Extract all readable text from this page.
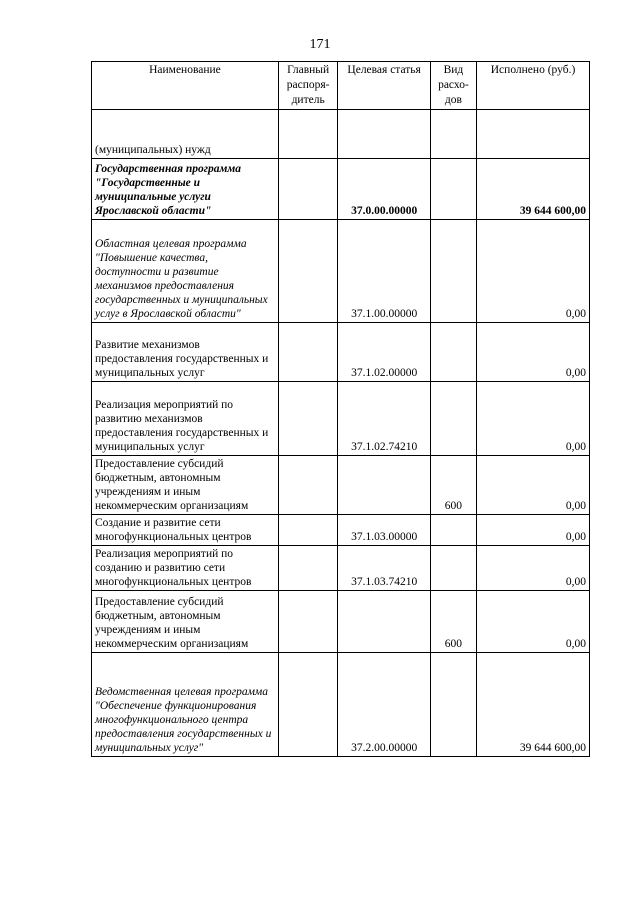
171
Наименование	Главный распоря-дитель	Целевая статья	Вид расхо-дов	Исполнено (руб.)
(муниципальных) нужд				
Государственная программа "Государственные и муниципальные услуги Ярославской области"		37.0.00.00000		39 644 600,00
Областная целевая программа "Повышение качества, доступности и развитие механизмов предоставления государственных и муниципальных услуг в Ярославской области"		37.1.00.00000		0,00
Развитие механизмов предоставления государственных и муниципальных услуг		37.1.02.00000		0,00
Реализация мероприятий по развитию механизмов предоставления государственных и муниципальных услуг		37.1.02.74210		0,00
Предоставление субсидий бюджетным, автономным учреждениям и иным некоммерческим организациям			600	0,00
Создание и развитие сети многофункциональных центров		37.1.03.00000		0,00
Реализация мероприятий по созданию и развитию сети многофункциональных центров		37.1.03.74210		0,00
Предоставление субсидий бюджетным, автономным учреждениям и иным некоммерческим организациям			600	0,00
Ведомственная целевая программа "Обеспечение функционирования многофункционального центра предоставления государственных и муниципальных услуг"		37.2.00.00000		39 644 600,00
